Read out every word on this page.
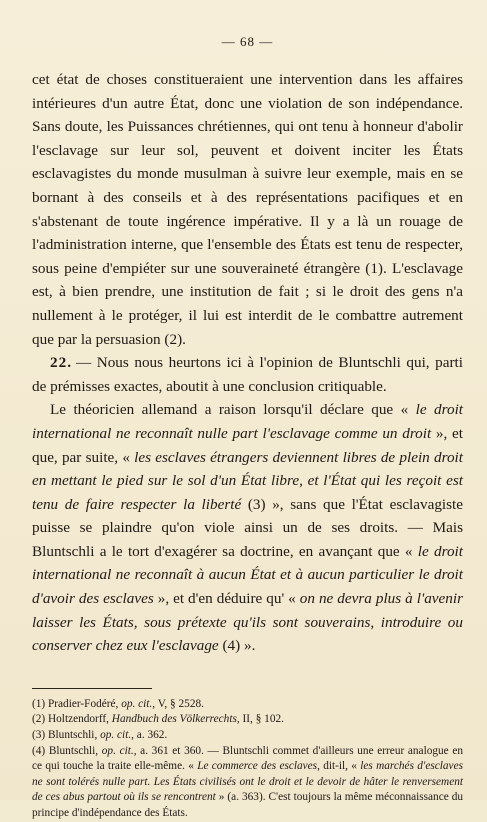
— 68 —

cet état de choses constitueraient une intervention dans les affaires intérieures d'un autre État, donc une violation de son indépendance. Sans doute, les Puissances chrétiennes, qui ont tenu à honneur d'abolir l'esclavage sur leur sol, peuvent et doivent inciter les États esclavagistes du monde musulman à suivre leur exemple, mais en se bornant à des conseils et à des représentations pacifiques et en s'abstenant de toute ingérence impérative. Il y a là un rouage de l'administration interne, que l'ensemble des États est tenu de respecter, sous peine d'empiéter sur une souveraineté étrangère (1). L'esclavage est, à bien prendre, une institution de fait ; si le droit des gens n'a nullement à le protéger, il lui est interdit de le combattre autrement que par la persuasion (2).

22. — Nous nous heurtons ici à l'opinion de Bluntschli qui, parti de prémisses exactes, aboutit à une conclusion critiquable.

Le théoricien allemand a raison lorsqu'il déclare que « le droit international ne reconnaît nulle part l'esclavage comme un droit », et que, par suite, « les esclaves étrangers deviennent libres de plein droit en mettant le pied sur le sol d'un État libre, et l'État qui les reçoit est tenu de faire respecter la liberté (3) », sans que l'État esclavagiste puisse se plaindre qu'on viole ainsi un de ses droits. — Mais Bluntschli a le tort d'exagérer sa doctrine, en avançant que « le droit international ne reconnaît à aucun État et à aucun particulier le droit d'avoir des esclaves », et d'en déduire qu' « on ne devra plus à l'avenir laisser les États, sous prétexte qu'ils sont souverains, introduire ou conserver chez eux l'esclavage (4) ».

(1) Pradier-Fodéré, op. cit., V, § 2528.

(2) Holtzendorff, Handbuch des Völkerrechts, II, § 102.

(3) Bluntschli, op. cit., a. 362.

(4) Bluntschli, op. cit., a. 361 et 360. — Bluntschli commet d'ailleurs une erreur analogue en ce qui touche la traite elle-même. « Le commerce des esclaves, dit-il, « les marchés d'esclaves ne sont tolérés nulle part. Les États civilisés ont le droit et le devoir de hâter le renversement de ces abus partout où ils se rencontrent » (a. 363). C'est toujours la même méconnaissance du principe d'indépendance des États.
